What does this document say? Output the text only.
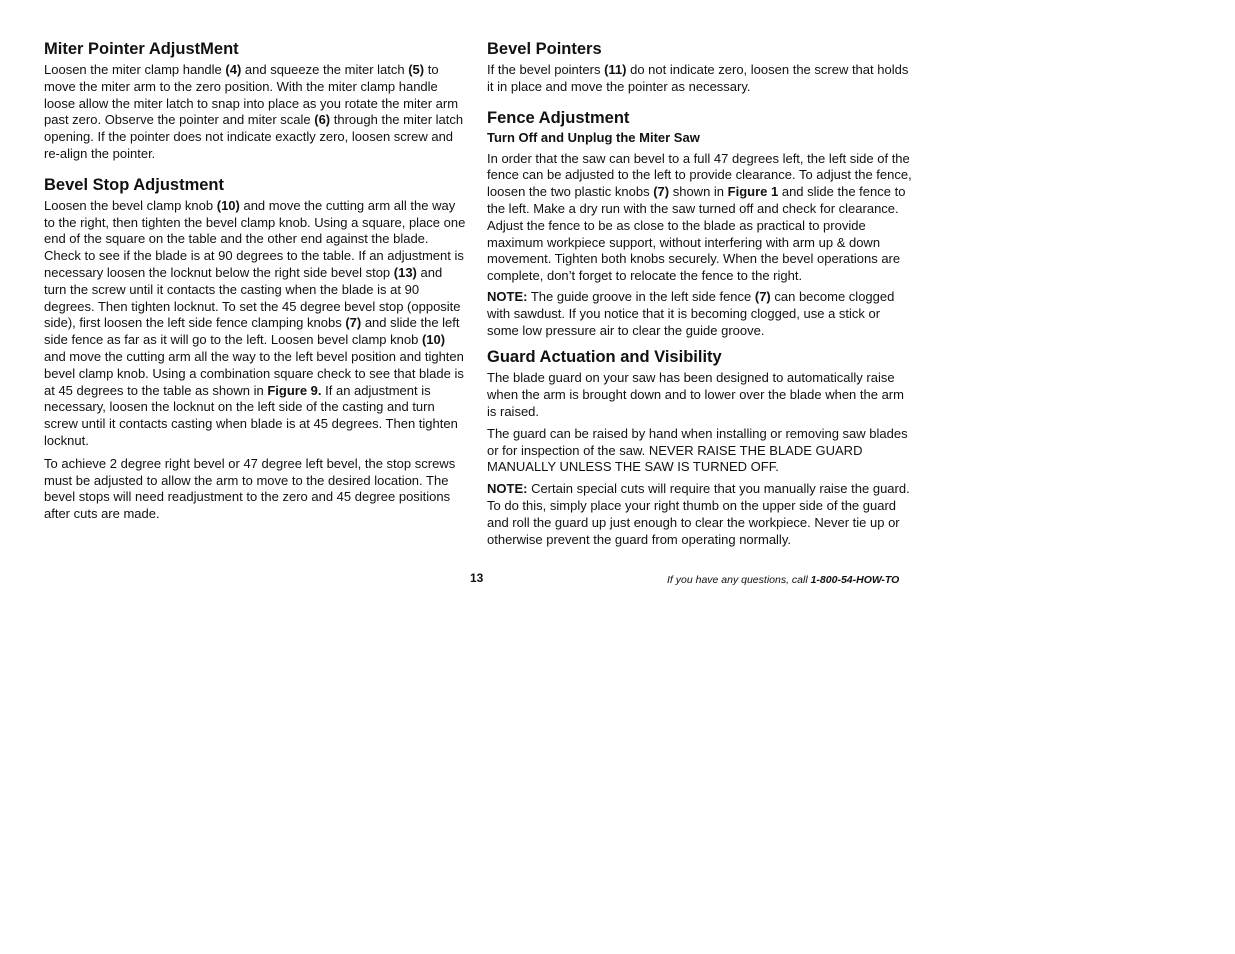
Miter Pointer AdjustMent

Loosen the miter clamp handle (4) and squeeze the miter latch (5) to move the miter arm to the zero position. With the miter clamp handle loose allow the miter latch to snap into place as you rotate the miter arm past zero. Observe the pointer and miter scale (6) through the miter latch opening. If the pointer does not indicate exactly zero, loosen screw and re-align the pointer.

Bevel Stop Adjustment

Loosen the bevel clamp knob (10) and move the cutting arm all the way to the right, then tighten the bevel clamp knob. Using a square, place one end of the square on the table and the other end against the blade. Check to see if the blade is at 90 degrees to the table. If an adjustment is necessary loosen the locknut below the right side bevel stop (13) and turn the screw until it contacts the casting when the blade is at 90 degrees. Then tighten locknut. To set the 45 degree bevel stop (opposite side), first loosen the left side fence clamping knobs (7) and slide the left side fence as far as it will go to the left. Loosen bevel clamp knob (10) and move the cutting arm all the way to the left bevel position and tighten bevel clamp knob. Using a combination square check to see that blade is at 45 degrees to the table as shown in Figure 9. If an adjustment is necessary, loosen the locknut on the left side of the casting and turn screw until it contacts casting when blade is at 45 degrees. Then tighten locknut.

To achieve 2 degree right bevel or 47 degree left bevel, the stop screws must be adjusted to allow the arm to move to the desired location. The bevel stops will need readjustment to the zero and 45 degree positions after cuts are made.

Bevel Pointers

If the bevel pointers (11) do not indicate zero, loosen the screw that holds it in place and move the pointer as necessary.

Fence Adjustment
Turn Off and Unplug the Miter Saw

In order that the saw can bevel to a full 47 degrees left, the left side of the fence can be adjusted to the left to provide clearance. To adjust the fence, loosen the two plastic knobs (7) shown in Figure 1 and slide the fence to the left. Make a dry run with the saw turned off and check for clearance. Adjust the fence to be as close to the blade as practical to provide maximum workpiece support, without interfering with arm up & down movement. Tighten both knobs securely. When the bevel operations are complete, don’t forget to relocate the fence to the right.

NOTE: The guide groove in the left side fence (7) can become clogged with sawdust. If you notice that it is becoming clogged, use a stick or some low pressure air to clear the guide groove.

Guard Actuation and Visibility

The blade guard on your saw has been designed to automatically raise when the arm is brought down and to lower over the blade when the arm is raised.

The guard can be raised by hand when installing or removing saw blades or for inspection of the saw. NEVER RAISE THE BLADE GUARD MANUALLY UNLESS THE SAW IS TURNED OFF.

NOTE: Certain special cuts will require that you manually raise the guard. To do this, simply place your right thumb on the upper side of the guard and roll the guard up just enough to clear the workpiece. Never tie up or otherwise prevent the guard from operating normally.

13	If you have any questions, call 1-800-54-HOW-TO
